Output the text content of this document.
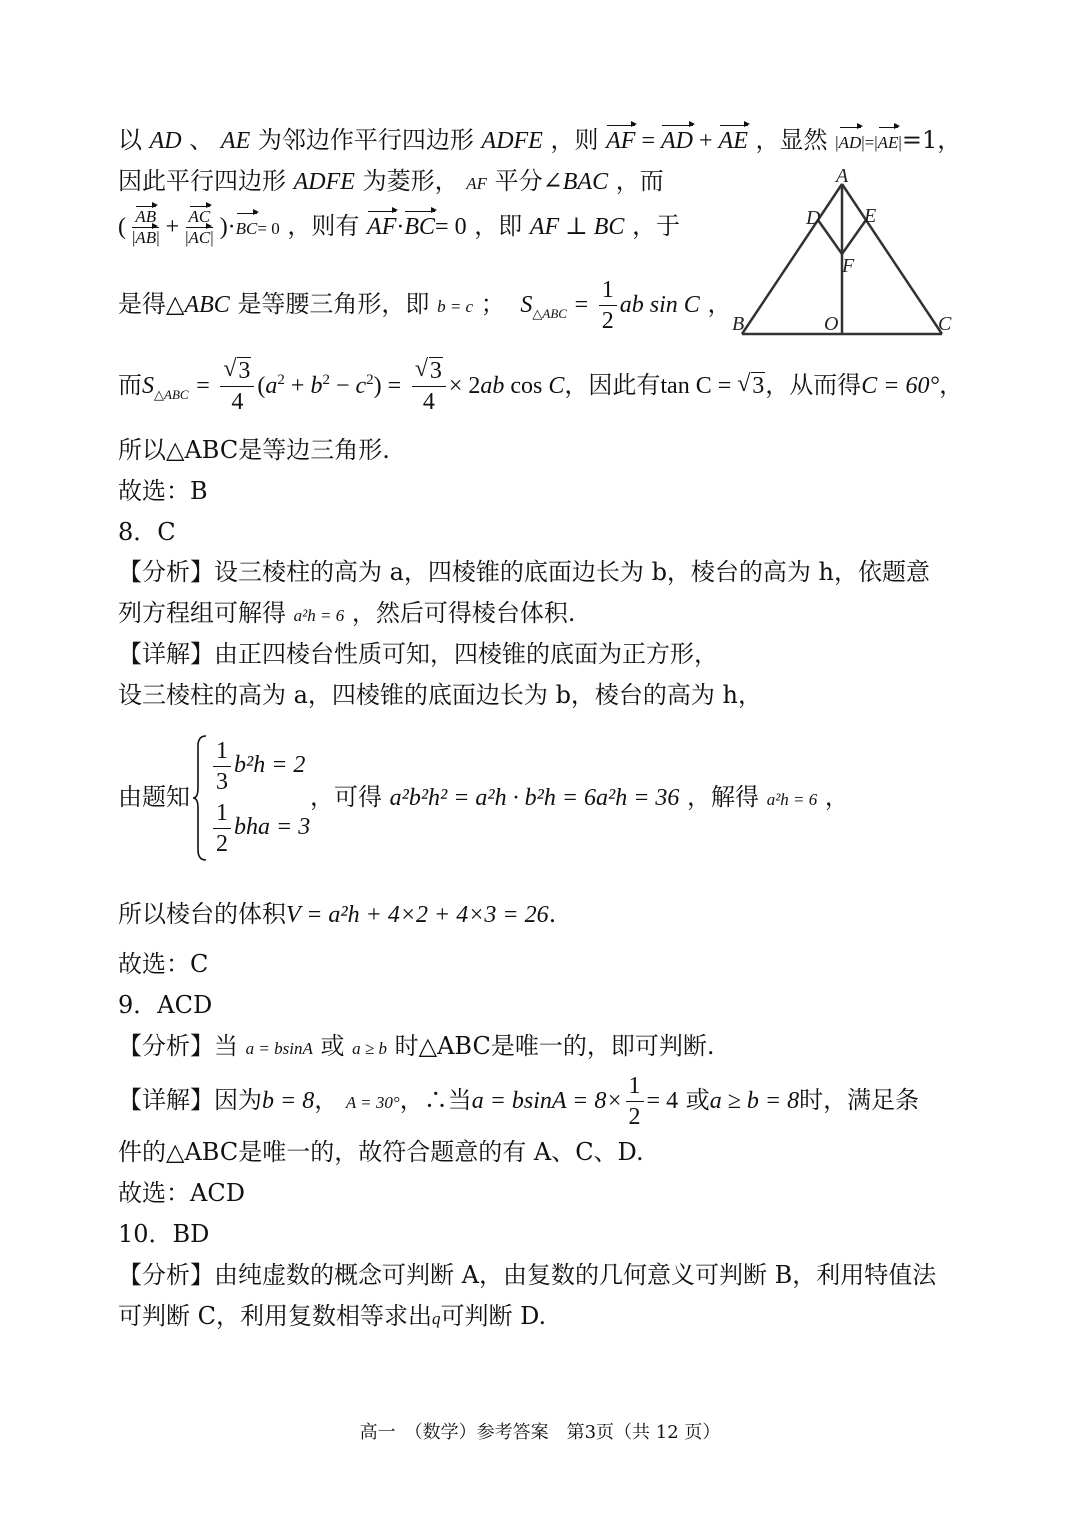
以 AD 、 AE 为邻边作平行四边形 ADFE ，则 AF = AD + AE ，显然 |AD|=|AE|=1，
因此平行四边形 ADFE 为菱形， AF 平分∠BAC ，而
( $\frac{AB}{|AB|} + \frac{AC}{|AC|} )\cdot BC= 0$ ，则有 AF·BC= 0 ，即 AF ⊥ BC ，于
是得△ABC 是等腰三角形，即 b = c ； $S_{\triangle ABC} = \frac{1}{2}$ ab sin C ，
A
B	C
D E
F
O
而$S_{\triangle ABC} = \frac{√ 3}{4} (a^2 + b^2 - c^2) = \frac{√ 3}{4} \times 2ab$ cos C，因此有tan C = √ 3，从而得C = 60°，
所以△ABC是等边三角形.
故选：B
8．C
【分析】设三棱柱的高为 a，四棱锥的底面边长为 b，棱台的高为 h，依题意
列方程组可解得 a²h = 6 ，然后可得棱台体积.
【详解】由正四棱台性质可知，四棱锥的底面为正方形，
设三棱柱的高为 a，四棱锥的底面边长为 b，棱台的高为 h，
由题知 $\frac{1}{3} b^2h = 2$
$\frac{1}{2}$ bha = 3
，可得 a²b²h² = a²h · b²h = 6a²h = 36 ，解得 a²h = 6 ，
所以棱台的体积V = a²h + 4×2 + 4×3 = 26.
故选：C
9．ACD
【分析】当 a = bsinA 或 a ≥ b 时△ABC是唯一的，即可判断.
【详解】因为b = 8， A = 30°，∴当$a = bsinA = 8\times \frac{1}{2} = 4$ 或a ≥ b = 8时，满足条
件的△ABC是唯一的，故符合题意的有 A、C、D.
故选：ACD
10．BD
【分析】由纯虚数的概念可判断 A，由复数的几何意义可判断 B，利用特值法
可判断 C，利用复数相等求出q可判断 D.
高一　（数学）参考答案　第3页（共 12 页）
